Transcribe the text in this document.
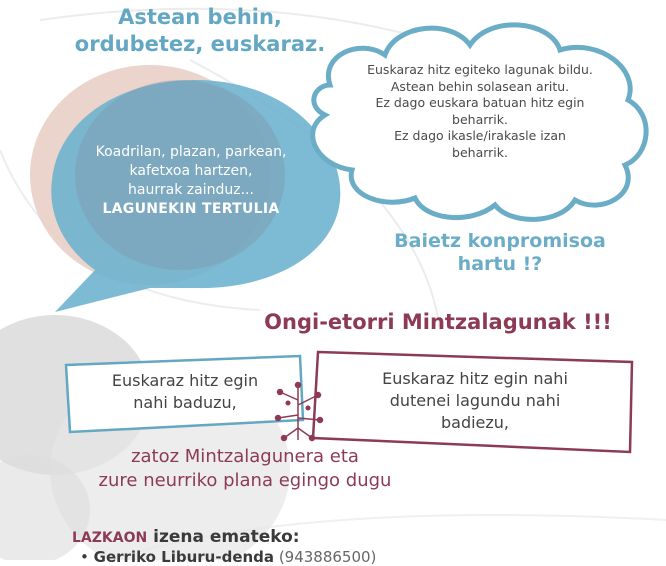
Astean behin,
ordubetez, euskaraz.
Koadrilan, plazan, parkean,
kafetxoa hartzen,
haurrak zainduz...
LAGUNEKIN TERTULIA
Euskaraz hitz egiteko lagunak bildu.
Astean behin solasean aritu.
Ez dago euskara batuan hitz egin
beharrik.
Ez dago ikasle/irakasle izan
beharrik.
Baietz konpromisoa
hartu !?
Ongi-etorri Mintzalagunak !!!
Euskaraz hitz egin
nahi baduzu,
Euskaraz hitz egin nahi
dutenei lagundu nahi
badiezu,
zatoz Mintzalagunera eta
zure neurriko plana egingo dugu
LAZKAON izena emateko:
• Gerriko Liburu-denda (943886500)
